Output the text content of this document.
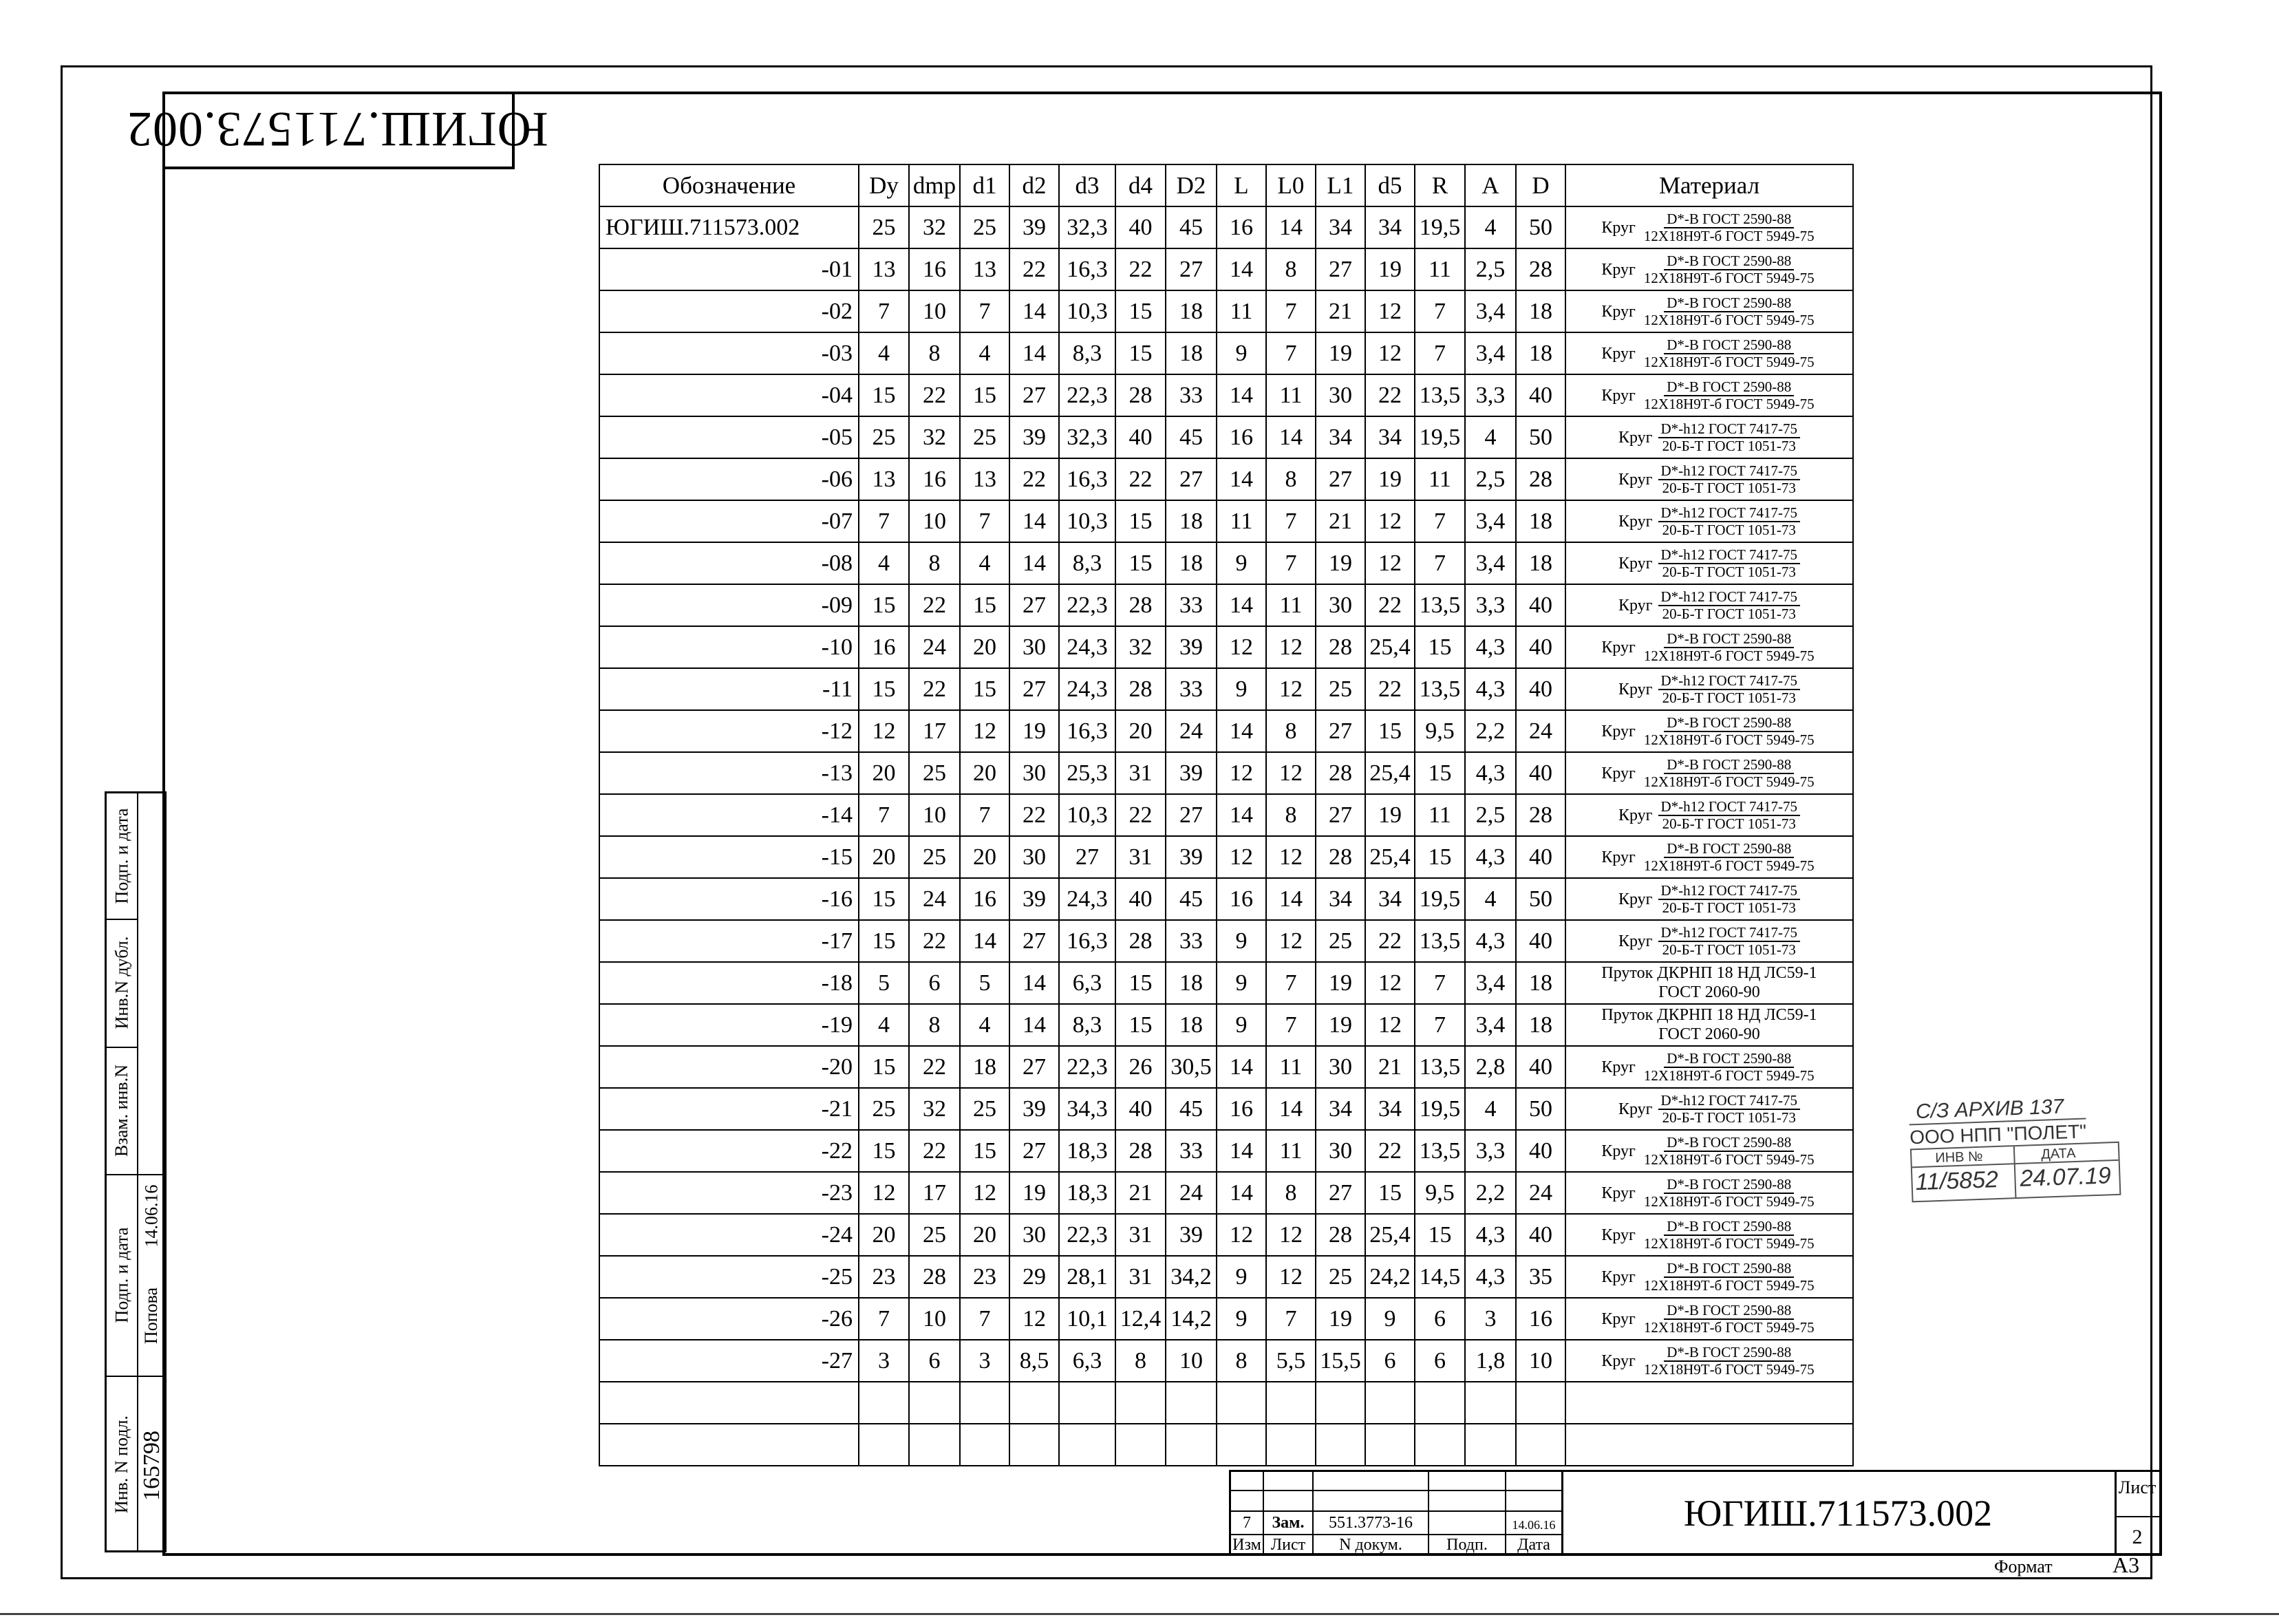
ЮГИШ.711573.002
Обозначение	Dy	dmp	d1	d2	d3	d4	D2	L	L0	L1	d5	R	A	D	Материал
ЮГИШ.711573.002	25	32	25	39	32,3	40	45	16	14	34	34	19,5	4	50	Круг $\frac{\text{D*-B ГОСТ 2590-88}}{\text{12Х18Н9Т-б ГОСТ 5949-75}}$

-01	13	16	13	22	16,3	22	27	14	8	27	19	11	2,5	28	Круг $\frac{\text{D*-B ГОСТ 2590-88}}{\text{12Х18Н9Т-б ГОСТ 5949-75}}$

-02	7	10	7	14	10,3	15	18	11	7	21	12	7	3,4	18	Круг $\frac{\text{D*-B ГОСТ 2590-88}}{\text{12Х18Н9Т-б ГОСТ 5949-75}}$

-03	4	8	4	14	8,3	15	18	9	7	19	12	7	3,4	18	Круг $\frac{\text{D*-B ГОСТ 2590-88}}{\text{12Х18Н9Т-б ГОСТ 5949-75}}$

-04	15	22	15	27	22,3	28	33	14	11	30	22	13,5	3,3	40	Круг $\frac{\text{D*-B ГОСТ 2590-88}}{\text{12Х18Н9Т-б ГОСТ 5949-75}}$

-05	25	32	25	39	32,3	40	45	16	14	34	34	19,5	4	50	Круг $\frac{\text{D*-h12 ГОСТ 7417-75}}{\text{20-Б-Т ГОСТ 1051-73}}$

-06	13	16	13	22	16,3	22	27	14	8	27	19	11	2,5	28	Круг $\frac{\text{D*-h12 ГОСТ 7417-75}}{\text{20-Б-Т ГОСТ 1051-73}}$

-07	7	10	7	14	10,3	15	18	11	7	21	12	7	3,4	18	Круг $\frac{\text{D*-h12 ГОСТ 7417-75}}{\text{20-Б-Т ГОСТ 1051-73}}$

-08	4	8	4	14	8,3	15	18	9	7	19	12	7	3,4	18	Круг $\frac{\text{D*-h12 ГОСТ 7417-75}}{\text{20-Б-Т ГОСТ 1051-73}}$

-09	15	22	15	27	22,3	28	33	14	11	30	22	13,5	3,3	40	Круг $\frac{\text{D*-h12 ГОСТ 7417-75}}{\text{20-Б-Т ГОСТ 1051-73}}$

-10	16	24	20	30	24,3	32	39	12	12	28	25,4	15	4,3	40	Круг $\frac{\text{D*-B ГОСТ 2590-88}}{\text{12Х18Н9Т-б ГОСТ 5949-75}}$

-11	15	22	15	27	24,3	28	33	9	12	25	22	13,5	4,3	40	Круг $\frac{\text{D*-h12 ГОСТ 7417-75}}{\text{20-Б-Т ГОСТ 1051-73}}$

-12	12	17	12	19	16,3	20	24	14	8	27	15	9,5	2,2	24	Круг $\frac{\text{D*-B ГОСТ 2590-88}}{\text{12Х18Н9Т-б ГОСТ 5949-75}}$

-13	20	25	20	30	25,3	31	39	12	12	28	25,4	15	4,3	40	Круг $\frac{\text{D*-B ГОСТ 2590-88}}{\text{12Х18Н9Т-б ГОСТ 5949-75}}$

-14	7	10	7	22	10,3	22	27	14	8	27	19	11	2,5	28	Круг $\frac{\text{D*-h12 ГОСТ 7417-75}}{\text{20-Б-Т ГОСТ 1051-73}}$

-15	20	25	20	30	27	31	39	12	12	28	25,4	15	4,3	40	Круг $\frac{\text{D*-B ГОСТ 2590-88}}{\text{12Х18Н9Т-б ГОСТ 5949-75}}$

-16	15	24	16	39	24,3	40	45	16	14	34	34	19,5	4	50	Круг $\frac{\text{D*-h12 ГОСТ 7417-75}}{\text{20-Б-Т ГОСТ 1051-73}}$

-17	15	22	14	27	16,3	28	33	9	12	25	22	13,5	4,3	40	Круг $\frac{\text{D*-h12 ГОСТ 7417-75}}{\text{20-Б-Т ГОСТ 1051-73}}$

-18	5	6	5	14	6,3	15	18	9	7	19	12	7	3,4	18	Пруток ДКРНП 18 НД ЛС59-1
ГОСТ 2060-90

-19	4	8	4	14	8,3	15	18	9	7	19	12	7	3,4	18	Пруток ДКРНП 18 НД ЛС59-1
ГОСТ 2060-90

-20	15	22	18	27	22,3	26	30,5	14	11	30	21	13,5	2,8	40	Круг $\frac{\text{D*-B ГОСТ 2590-88}}{\text{12Х18Н9Т-б ГОСТ 5949-75}}$

-21	25	32	25	39	34,3	40	45	16	14	34	34	19,5	4	50	Круг $\frac{\text{D*-h12 ГОСТ 7417-75}}{\text{20-Б-Т ГОСТ 1051-73}}$

-22	15	22	15	27	18,3	28	33	14	11	30	22	13,5	3,3	40	Круг $\frac{\text{D*-B ГОСТ 2590-88}}{\text{12Х18Н9Т-б ГОСТ 5949-75}}$

-23	12	17	12	19	18,3	21	24	14	8	27	15	9,5	2,2	24	Круг $\frac{\text{D*-B ГОСТ 2590-88}}{\text{12Х18Н9Т-б ГОСТ 5949-75}}$

-24	20	25	20	30	22,3	31	39	12	12	28	25,4	15	4,3	40	Круг $\frac{\text{D*-B ГОСТ 2590-88}}{\text{12Х18Н9Т-б ГОСТ 5949-75}}$

-25	23	28	23	29	28,1	31	34,2	9	12	25	24,2	14,5	4,3	35	Круг $\frac{\text{D*-B ГОСТ 2590-88}}{\text{12Х18Н9Т-б ГОСТ 5949-75}}$

-26	7	10	7	12	10,1	12,4	14,2	9	7	19	9	6	3	16	Круг $\frac{\text{D*-B ГОСТ 2590-88}}{\text{12Х18Н9Т-б ГОСТ 5949-75}}$

-27	3	6	3	8,5	6,3	8	10	8	5,5	15,5	6	6	1,8	10	Круг $\frac{\text{D*-B ГОСТ 2590-88}}{\text{12Х18Н9Т-б ГОСТ 5949-75}}$

Подп. и дата
Инв.N дубл.
Взам. инв.N
Подп. и дата
Инв. N подл.
14.06.16
Попова
165798
7	Зам.	551.3773-16	14.06.16
Изм Лист	N докум.	Подп.	Дата
ЮГИШ.711573.002
Лист
2
Формат	А3
С/З АРХИВ 137
ООО НПП "ПОЛЕТ"
ИНВ №	ДАТА
11/5852 24.07.19
